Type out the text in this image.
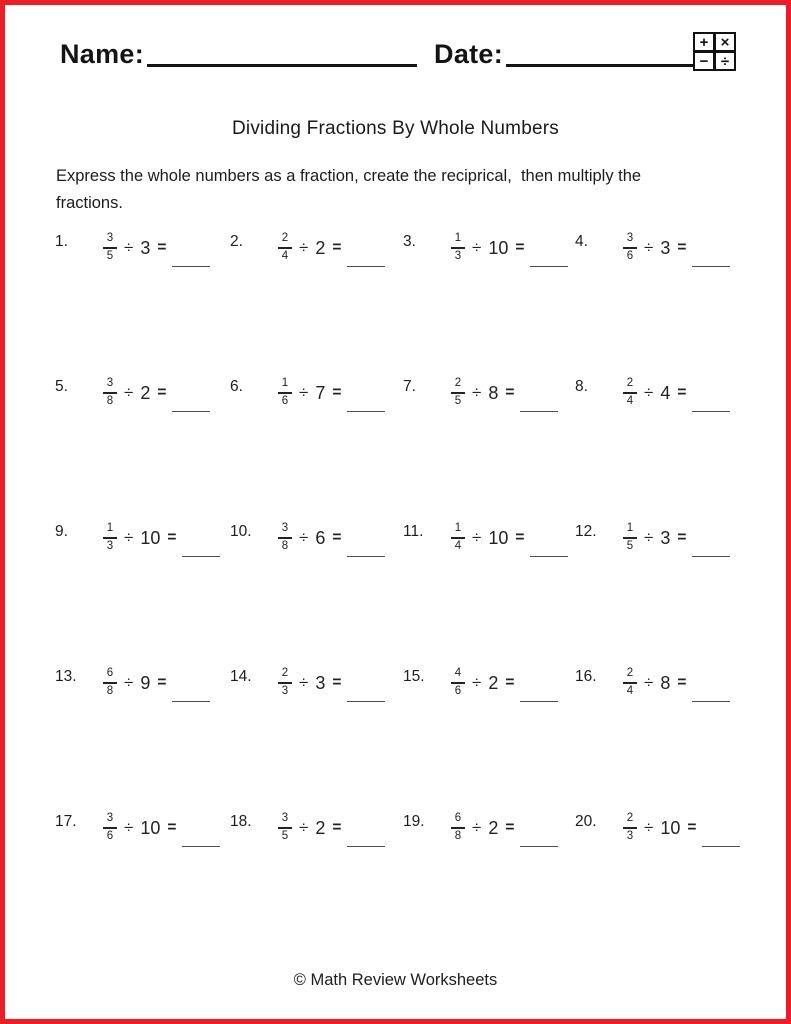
Name:	Date:	+ ×
− ÷
Dividing Fractions By Whole Numbers

Express the whole numbers as a fraction, create the reciprical,  then multiply the fractions.

1.	$\frac{3}{5} \div 3$ =	2.	$\frac{2}{4} \div 2$ =	3.	$\frac{1}{3} \div 10$ =	4.	$\frac{3}{6} \div 3$ =
5.	$\frac{3}{8} \div 2$ =	6.	$\frac{1}{6} \div 7$ =	7.	$\frac{2}{5} \div 8$ =	8.	$\frac{2}{4} \div 4$ =
9.	$\frac{1}{3} \div 10$ =	10.	$\frac{3}{8} \div 6$ =	11.	$\frac{1}{4} \div 10$ =	12.	$\frac{1}{5} \div 3$ =
13.	$\frac{6}{8} \div 9$ =	14.	$\frac{2}{3} \div 3$ =	15.	$\frac{4}{6} \div 2$ =	16.	$\frac{2}{4} \div 8$ =
17.	$\frac{3}{6} \div 10$ =	18.	$\frac{3}{5} \div 2$ =	19.	$\frac{6}{8} \div 2$ =	20.	$\frac{2}{3} \div 10$ =
© Math Review Worksheets
